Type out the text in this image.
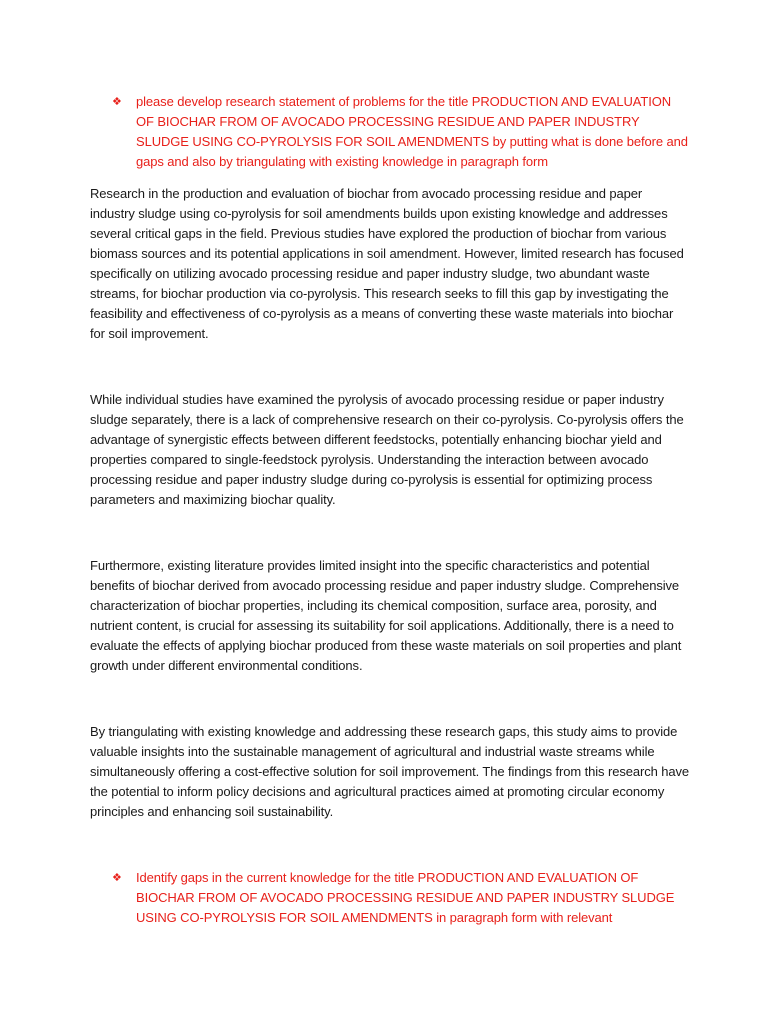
❖	please develop research statement of problems for the title PRODUCTION AND EVALUATION OF BIOCHAR FROM OF AVOCADO PROCESSING RESIDUE AND PAPER INDUSTRY SLUDGE USING CO-PYROLYSIS FOR SOIL AMENDMENTS by putting what is done before and gaps and also by triangulating with existing knowledge in paragraph form

Research in the production and evaluation of biochar from avocado processing residue and paper industry sludge using co-pyrolysis for soil amendments builds upon existing knowledge and addresses several critical gaps in the field. Previous studies have explored the production of biochar from various biomass sources and its potential applications in soil amendment. However, limited research has focused specifically on utilizing avocado processing residue and paper industry sludge, two abundant waste streams, for biochar production via co-pyrolysis. This research seeks to fill this gap by investigating the feasibility and effectiveness of co-pyrolysis as a means of converting these waste materials into biochar for soil improvement.

While individual studies have examined the pyrolysis of avocado processing residue or paper industry sludge separately, there is a lack of comprehensive research on their co-pyrolysis. Co-pyrolysis offers the advantage of synergistic effects between different feedstocks, potentially enhancing biochar yield and properties compared to single-feedstock pyrolysis. Understanding the interaction between avocado processing residue and paper industry sludge during co-pyrolysis is essential for optimizing process parameters and maximizing biochar quality.

Furthermore, existing literature provides limited insight into the specific characteristics and potential benefits of biochar derived from avocado processing residue and paper industry sludge. Comprehensive characterization of biochar properties, including its chemical composition, surface area, porosity, and nutrient content, is crucial for assessing its suitability for soil applications. Additionally, there is a need to evaluate the effects of applying biochar produced from these waste materials on soil properties and plant growth under different environmental conditions.

By triangulating with existing knowledge and addressing these research gaps, this study aims to provide valuable insights into the sustainable management of agricultural and industrial waste streams while simultaneously offering a cost-effective solution for soil improvement. The findings from this research have the potential to inform policy decisions and agricultural practices aimed at promoting circular economy principles and enhancing soil sustainability.

❖	Identify gaps in the current knowledge for the title PRODUCTION AND EVALUATION OF BIOCHAR FROM OF AVOCADO PROCESSING RESIDUE AND PAPER INDUSTRY SLUDGE USING CO-PYROLYSIS FOR SOIL AMENDMENTS in paragraph form with relevant
